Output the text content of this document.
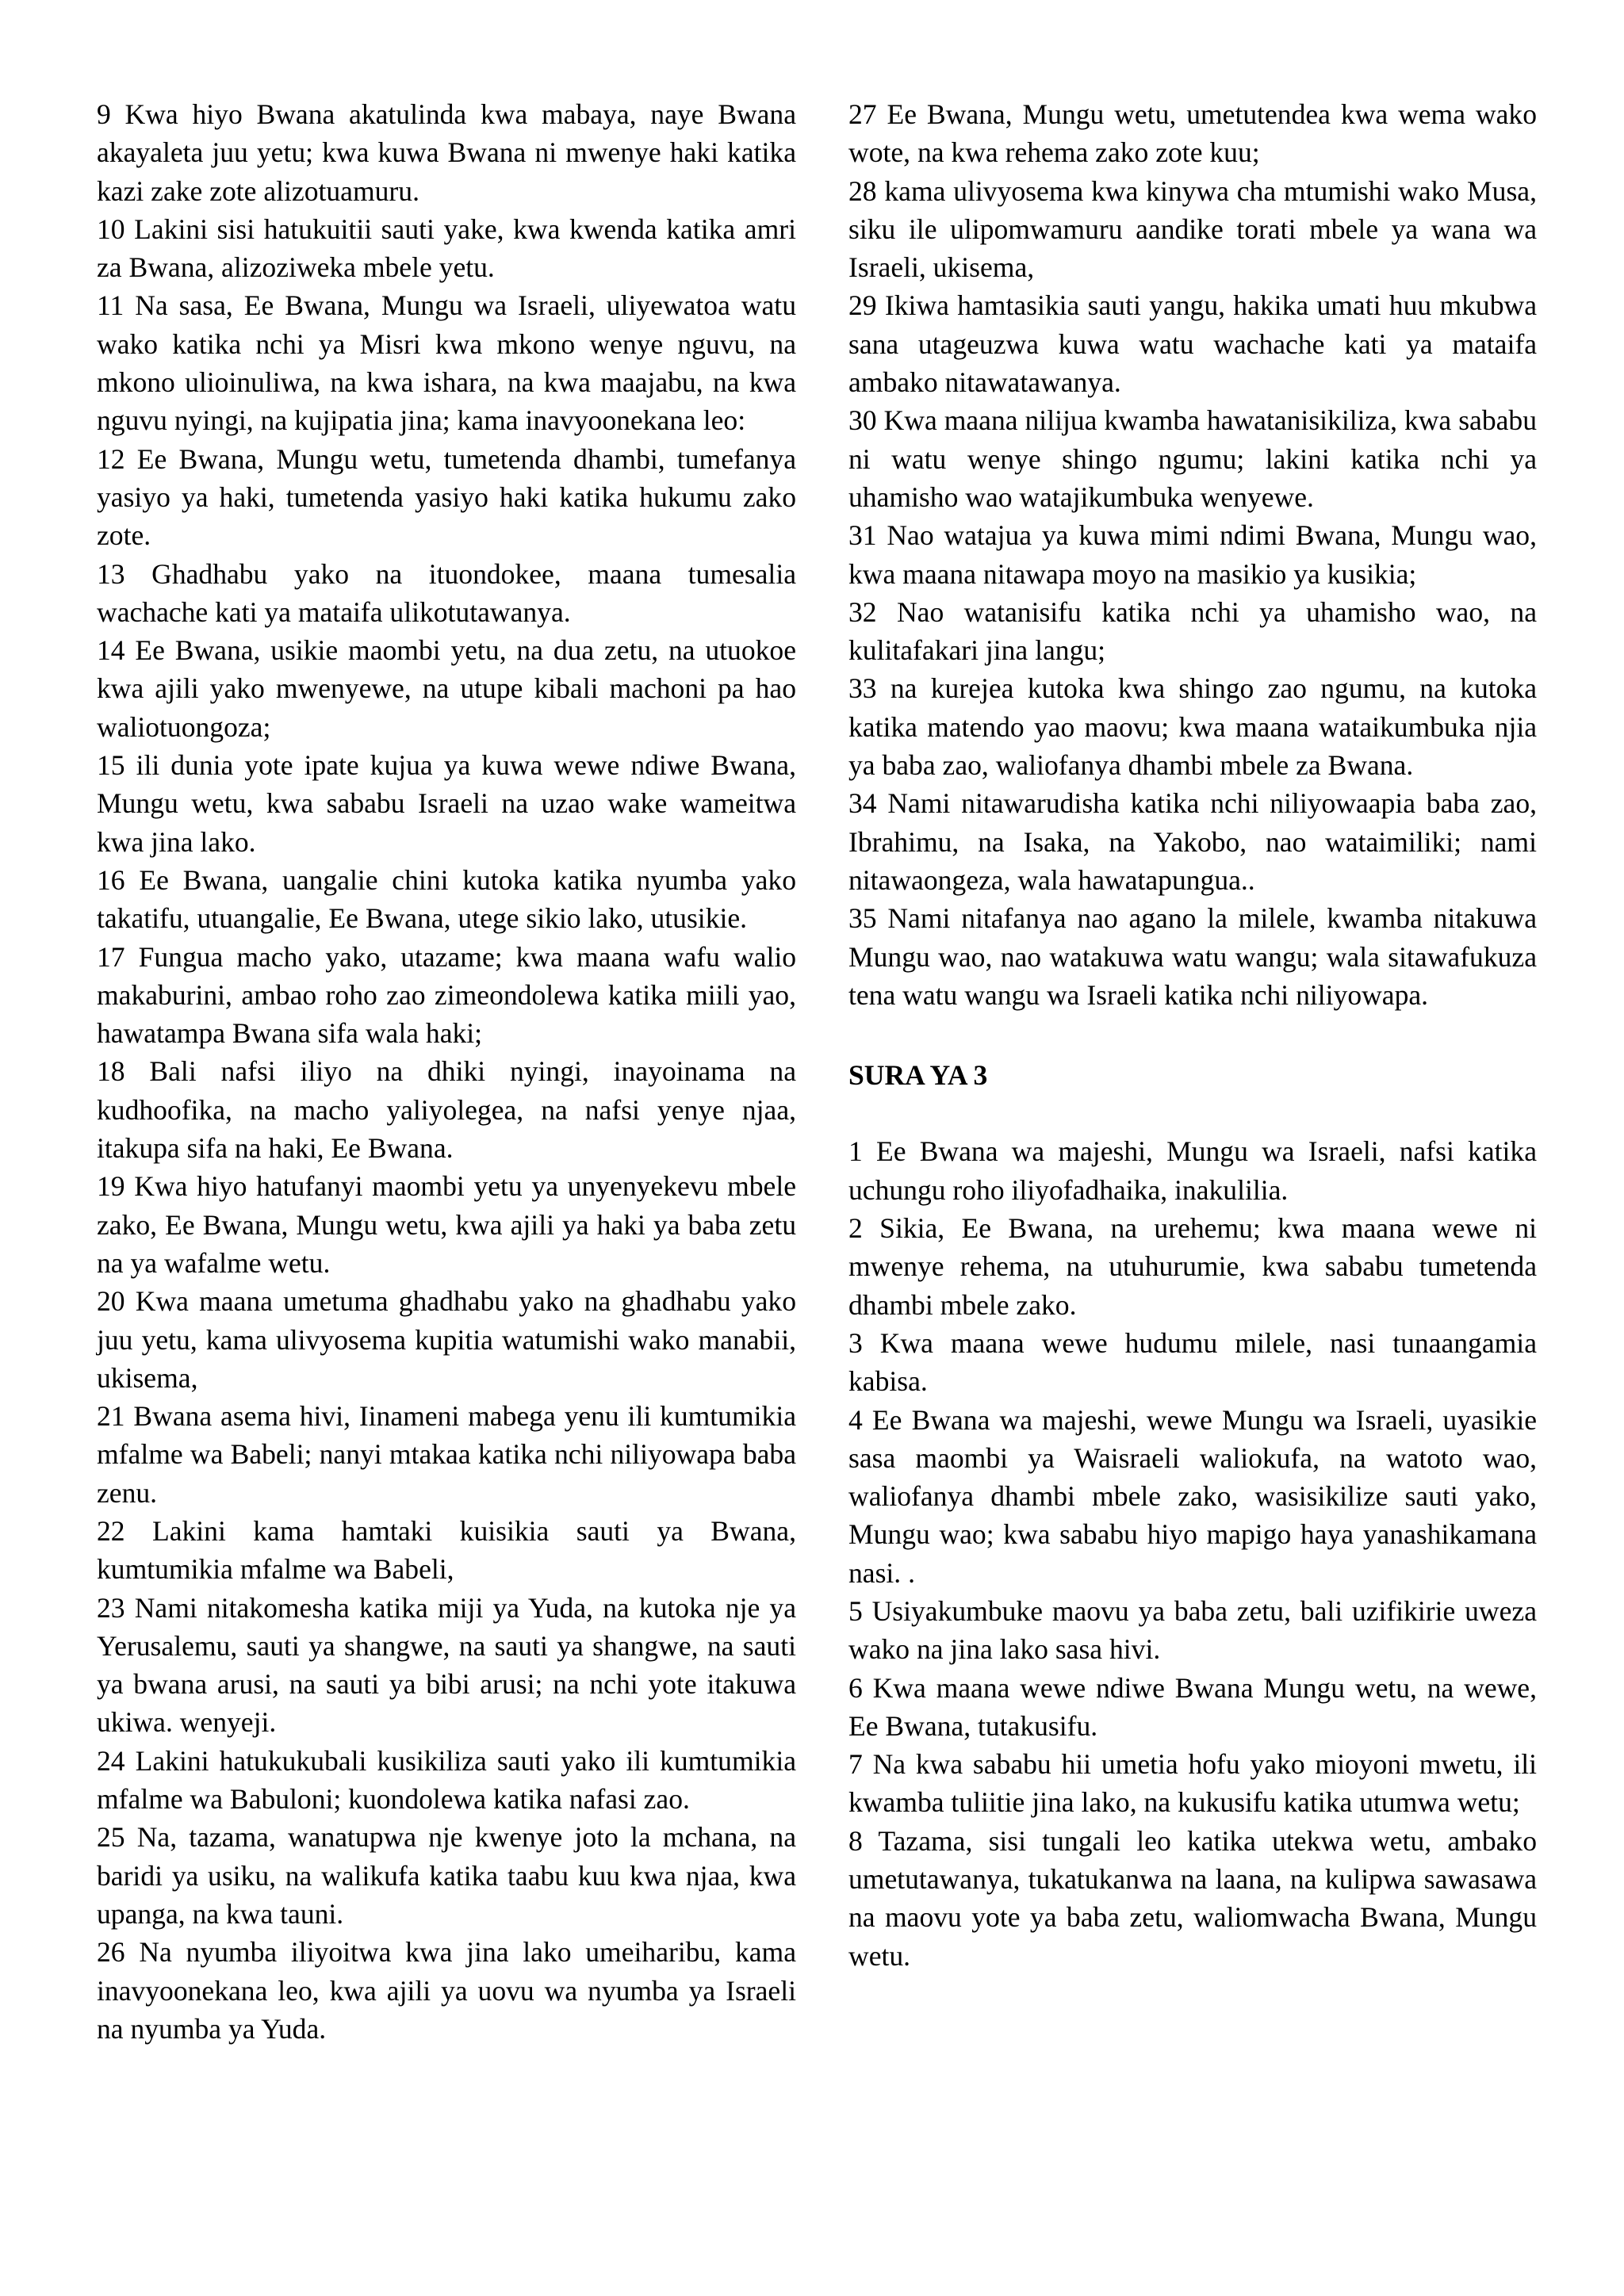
9 Kwa hiyo Bwana akatulinda kwa mabaya, naye Bwana akayaleta juu yetu; kwa kuwa Bwana ni mwenye haki katika kazi zake zote alizotuamuru.

10 Lakini sisi hatukuitii sauti yake, kwa kwenda katika amri za Bwana, alizoziweka mbele yetu.

11 Na sasa, Ee Bwana, Mungu wa Israeli, uliyewatoa watu wako katika nchi ya Misri kwa mkono wenye nguvu, na mkono ulioinuliwa, na kwa ishara, na kwa maajabu, na kwa nguvu nyingi, na kujipatia jina; kama inavyoonekana leo:

12 Ee Bwana, Mungu wetu, tumetenda dhambi, tumefanya yasiyo ya haki, tumetenda yasiyo haki katika hukumu zako zote.

13 Ghadhabu yako na ituondokee, maana tumesalia wachache kati ya mataifa ulikotutawanya.

14 Ee Bwana, usikie maombi yetu, na dua zetu, na utuokoe kwa ajili yako mwenyewe, na utupe kibali machoni pa hao waliotuongoza;

15 ili dunia yote ipate kujua ya kuwa wewe ndiwe Bwana, Mungu wetu, kwa sababu Israeli na uzao wake wameitwa kwa jina lako.

16 Ee Bwana, uangalie chini kutoka katika nyumba yako takatifu, utuangalie, Ee Bwana, utege sikio lako, utusikie.

17 Fungua macho yako, utazame; kwa maana wafu walio makaburini, ambao roho zao zimeondolewa katika miili yao, hawatampa Bwana sifa wala haki;

18 Bali nafsi iliyo na dhiki nyingi, inayoinama na kudhoofika, na macho yaliyolegea, na nafsi yenye njaa, itakupa sifa na haki, Ee Bwana.

19 Kwa hiyo hatufanyi maombi yetu ya unyenyekevu mbele zako, Ee Bwana, Mungu wetu, kwa ajili ya haki ya baba zetu na ya wafalme wetu.

20 Kwa maana umetuma ghadhabu yako na ghadhabu yako juu yetu, kama ulivyosema kupitia watumishi wako manabii, ukisema,

21 Bwana asema hivi, Iinameni mabega yenu ili kumtumikia mfalme wa Babeli; nanyi mtakaa katika nchi niliyowapa baba zenu.

22 Lakini kama hamtaki kuisikia sauti ya Bwana, kumtumikia mfalme wa Babeli,

23 Nami nitakomesha katika miji ya Yuda, na kutoka nje ya Yerusalemu, sauti ya shangwe, na sauti ya shangwe, na sauti ya bwana arusi, na sauti ya bibi arusi; na nchi yote itakuwa ukiwa. wenyeji.

24 Lakini hatukukubali kusikiliza sauti yako ili kumtumikia mfalme wa Babuloni; kuondolewa katika nafasi zao.

25 Na, tazama, wanatupwa nje kwenye joto la mchana, na baridi ya usiku, na walikufa katika taabu kuu kwa njaa, kwa upanga, na kwa tauni.

26 Na nyumba iliyoitwa kwa jina lako umeiharibu, kama inavyoonekana leo, kwa ajili ya uovu wa nyumba ya Israeli na nyumba ya Yuda.

27 Ee Bwana, Mungu wetu, umetutendea kwa wema wako wote, na kwa rehema zako zote kuu;

28 kama ulivyosema kwa kinywa cha mtumishi wako Musa, siku ile ulipomwamuru aandike torati mbele ya wana wa Israeli, ukisema,

29 Ikiwa hamtasikia sauti yangu, hakika umati huu mkubwa sana utageuzwa kuwa watu wachache kati ya mataifa ambako nitawatawanya.

30 Kwa maana nilijua kwamba hawatanisikiliza, kwa sababu ni watu wenye shingo ngumu; lakini katika nchi ya uhamisho wao watajikumbuka wenyewe.

31 Nao watajua ya kuwa mimi ndimi Bwana, Mungu wao, kwa maana nitawapa moyo na masikio ya kusikia;

32 Nao watanisifu katika nchi ya uhamisho wao, na kulitafakari jina langu;

33 na kurejea kutoka kwa shingo zao ngumu, na kutoka katika matendo yao maovu; kwa maana wataikumbuka njia ya baba zao, waliofanya dhambi mbele za Bwana.

34 Nami nitawarudisha katika nchi niliyowaapia baba zao, Ibrahimu, na Isaka, na Yakobo, nao wataimiliki; nami nitawaongeza, wala hawatapungua..

35 Nami nitafanya nao agano la milele, kwamba nitakuwa Mungu wao, nao watakuwa watu wangu; wala sitawafukuza tena watu wangu wa Israeli katika nchi niliyowapa.

SURA YA 3

1 Ee Bwana wa majeshi, Mungu wa Israeli, nafsi katika uchungu roho iliyofadhaika, inakulilia.

2 Sikia, Ee Bwana, na urehemu; kwa maana wewe ni mwenye rehema, na utuhurumie, kwa sababu tumetenda dhambi mbele zako.

3 Kwa maana wewe hudumu milele, nasi tunaangamia kabisa.

4 Ee Bwana wa majeshi, wewe Mungu wa Israeli, uyasikie sasa maombi ya Waisraeli waliokufa, na watoto wao, waliofanya dhambi mbele zako, wasisikilize sauti yako, Mungu wao; kwa sababu hiyo mapigo haya yanashikamana nasi. .

5 Usiyakumbuke maovu ya baba zetu, bali uzifikirie uweza wako na jina lako sasa hivi.

6 Kwa maana wewe ndiwe Bwana Mungu wetu, na wewe, Ee Bwana, tutakusifu.

7 Na kwa sababu hii umetia hofu yako mioyoni mwetu, ili kwamba tuliitie jina lako, na kukusifu katika utumwa wetu;

8 Tazama, sisi tungali leo katika utekwa wetu, ambako umetutawanya, tukatukanwa na laana, na kulipwa sawasawa na maovu yote ya baba zetu, waliomwacha Bwana, Mungu wetu.
